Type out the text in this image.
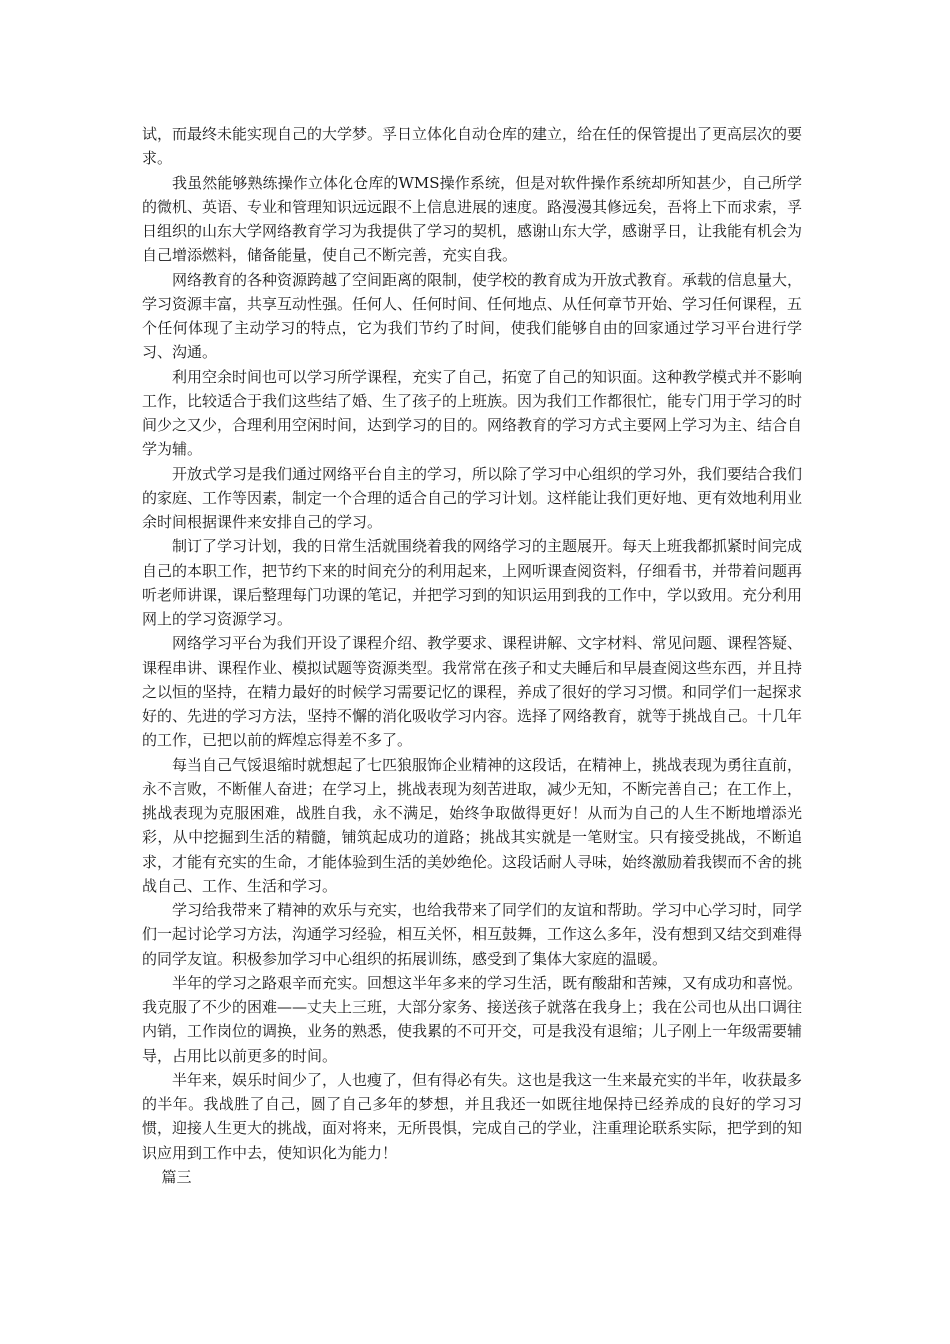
试，而最终未能实现自己的大学梦。孚日立体化自动仓库的建立，给在任的保管提出了更高层次的要求。

我虽然能够熟练操作立体化仓库的WMS操作系统，但是对软件操作系统却所知甚少，自己所学的微机、英语、专业和管理知识远远跟不上信息进展的速度。路漫漫其修远矣，吾将上下而求索，孚日组织的山东大学网络教育学习为我提供了学习的契机，感谢山东大学，感谢孚日，让我能有机会为自己增添燃料，储备能量，使自己不断完善，充实自我。

网络教育的各种资源跨越了空间距离的限制，使学校的教育成为开放式教育。承载的信息量大，学习资源丰富，共享互动性强。任何人、任何时间、任何地点、从任何章节开始、学习任何课程，五个任何体现了主动学习的特点，它为我们节约了时间，使我们能够自由的回家通过学习平台进行学习、沟通。

利用空余时间也可以学习所学课程，充实了自己，拓宽了自己的知识面。这种教学模式并不影响工作，比较适合于我们这些结了婚、生了孩子的上班族。因为我们工作都很忙，能专门用于学习的时间少之又少，合理利用空闲时间，达到学习的目的。网络教育的学习方式主要网上学习为主、结合自学为辅。

开放式学习是我们通过网络平台自主的学习，所以除了学习中心组织的学习外，我们要结合我们的家庭、工作等因素，制定一个合理的适合自己的学习计划。这样能让我们更好地、更有效地利用业余时间根据课件来安排自己的学习。

制订了学习计划，我的日常生活就围绕着我的网络学习的主题展开。每天上班我都抓紧时间完成自己的本职工作，把节约下来的时间充分的利用起来，上网听课查阅资料，仔细看书，并带着问题再听老师讲课，课后整理每门功课的笔记，并把学习到的知识运用到我的工作中，学以致用。充分利用网上的学习资源学习。

网络学习平台为我们开设了课程介绍、教学要求、课程讲解、文字材料、常见问题、课程答疑、课程串讲、课程作业、模拟试题等资源类型。我常常在孩子和丈夫睡后和早晨查阅这些东西，并且持之以恒的坚持，在精力最好的时候学习需要记忆的课程，养成了很好的学习习惯。和同学们一起探求好的、先进的学习方法，坚持不懈的消化吸收学习内容。选择了网络教育，就等于挑战自己。十几年的工作，已把以前的辉煌忘得差不多了。

每当自己气馁退缩时就想起了七匹狼服饰企业精神的这段话，在精神上，挑战表现为勇往直前，永不言败，不断催人奋进；在学习上，挑战表现为刻苦进取，减少无知，不断完善自己；在工作上，挑战表现为克服困难，战胜自我，永不满足，始终争取做得更好！从而为自己的人生不断地增添光彩，从中挖掘到生活的精髓，铺筑起成功的道路；挑战其实就是一笔财宝。只有接受挑战，不断追求，才能有充实的生命，才能体验到生活的美妙绝伦。这段话耐人寻味，始终激励着我锲而不舍的挑战自己、工作、生活和学习。

学习给我带来了精神的欢乐与充实，也给我带来了同学们的友谊和帮助。学习中心学习时，同学们一起讨论学习方法，沟通学习经验，相互关怀，相互鼓舞，工作这么多年，没有想到又结交到难得的同学友谊。积极参加学习中心组织的拓展训练，感受到了集体大家庭的温暖。

半年的学习之路艰辛而充实。回想这半年多来的学习生活，既有酸甜和苦辣，又有成功和喜悦。我克服了不少的困难——丈夫上三班，大部分家务、接送孩子就落在我身上；我在公司也从出口调往内销，工作岗位的调换，业务的熟悉，使我累的不可开交，可是我没有退缩；儿子刚上一年级需要辅导，占用比以前更多的时间。

半年来，娱乐时间少了，人也瘦了，但有得必有失。这也是我这一生来最充实的半年，收获最多的半年。我战胜了自己，圆了自己多年的梦想，并且我还一如既往地保持已经养成的良好的学习习惯，迎接人生更大的挑战，面对将来，无所畏惧，完成自己的学业，注重理论联系实际，把学到的知识应用到工作中去，使知识化为能力！

篇三
